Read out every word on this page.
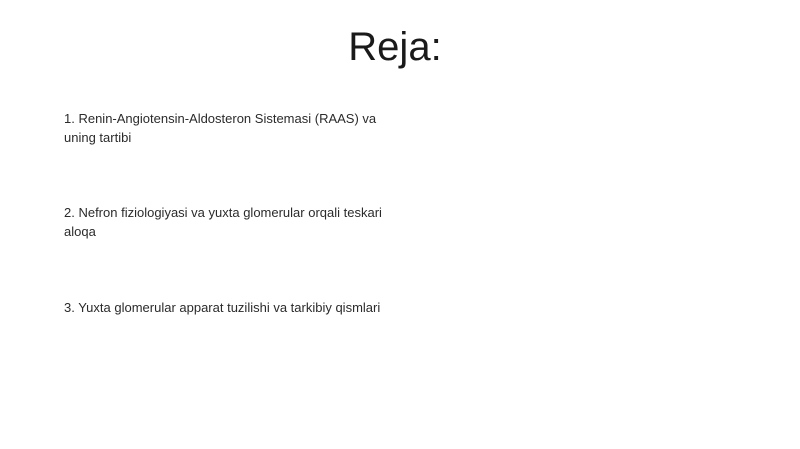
Reja:

1. Renin-Angiotensin-Aldosteron Sistemasi (RAAS) va uning tartibi

2. Nefron fiziologiyasi va yuxta glomerular orqali teskari aloqa

3. Yuxta glomerular apparat tuzilishi va tarkibiy qismlari
